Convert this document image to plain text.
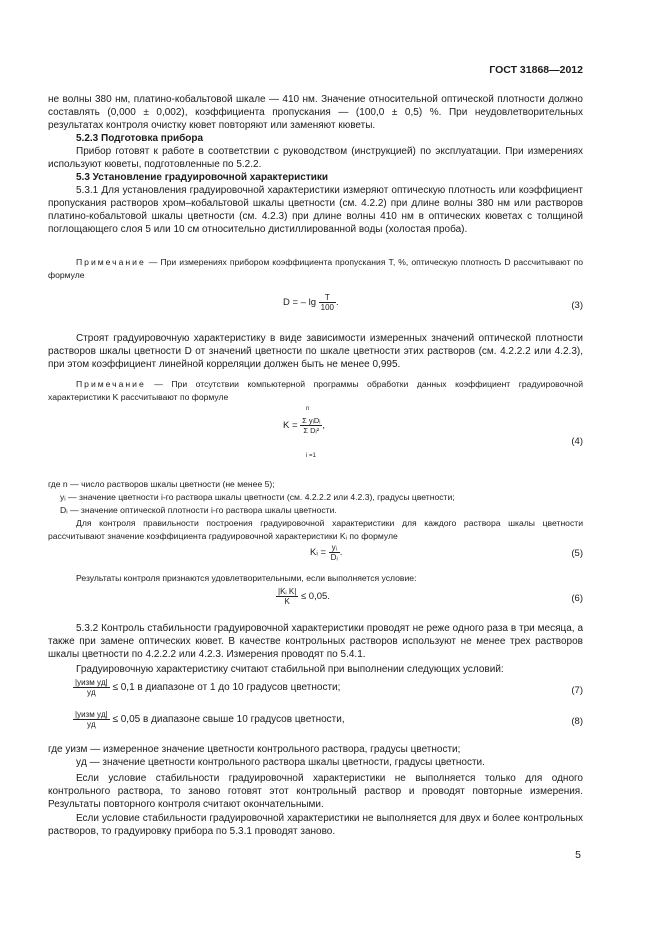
ГОСТ 31868—2012

не волны 380 нм, платино-кобальтовой шкале — 410 нм. Значение относительной оптической плотности должно составлять (0,000 ± 0,002), коэффициента пропускания — (100,0 ± 0,5) %. При неудовлетворительных результатах контроля очистку кювет повторяют или заменяют кюветы.

5.2.3 Подготовка прибора

Прибор готовят к работе в соответствии с руководством (инструкцией) по эксплуатации. При измерениях используют кюветы, подготовленные по 5.2.2.

5.3 Установление градуировочной характеристики

5.3.1 Для установления градуировочной характеристики измеряют оптическую плотность или коэффициент пропускания растворов хром–кобальтовой шкалы цветности (см. 4.2.2) при длине волны 380 нм или растворов платино-кобальтовой шкалы цветности (см. 4.2.3) при длине волны 410 нм в оптических кюветах с толщиной поглощающего слоя 5 или 10 см относительно дистиллированной воды (холостая проба).

Примечание — При измерениях прибором коэффициента пропускания T, %, оптическую плотность D рассчитывают по формуле

D = – $\lg \frac{T}{100}$ .	(3)

Строят градуировочную характеристику в виде зависимости измеренных значений оптической плотности растворов шкалы цветности D от значений цветности по шкале цветности этих растворов (см. 4.2.2.2 или 4.2.3), при этом коэффициент линейной корреляции должен быть не менее 0,995.

Примечание — При отсутствии компьютерной программы обработки данных коэффициент градуировочной характеристики K рассчитывают по формуле

$K = \frac{\text{Σ yᵢDᵢ}}{\text{Σ Dᵢ²}}$ ,
n
i =1
(4)

где n — число растворов шкалы цветности (не менее 5);

yᵢ — значение цветности i-го раствора шкалы цветности (см. 4.2.2.2 или 4.2.3), градусы цветности;

Dᵢ — значение оптической плотности i-го раствора шкалы цветности.

Для контроля правильности построения градуировочной характеристики для каждого раствора шкалы цветности рассчитывают значение коэффициента градуировочной характеристики Kᵢ по формуле

Kᵢ = $\frac{\text{yᵢ}}{\text{Dᵢ}}$ .	(5)

Результаты контроля признаются удовлетворительными, если выполняется условие:

$\frac{\text{|Kᵢ K|}}{K} \le 0,05$.	(6)

5.3.2 Контроль стабильности градуировочной характеристики проводят не реже одного раза в три месяца, а также при замене оптических кювет. В качестве контрольных растворов используют не менее трех растворов шкалы цветности по 4.2.2.2 или 4.2.3. Измерения проводят по 5.4.1.

Градуировочную характеристику считают стабильной при выполнении следующих условий:

$\frac{\text{|yизм yд|}}{yд} \le 0,1$ в диапазоне от 1 до 10 градусов цветности;	(7)
$\frac{\text{|yизм yд|}}{yд} \le 0,05$ в диапазоне свыше 10 градусов цветности,	(8)

где yизм — измеренное значение цветности контрольного раствора, градусы цветности;

yд — значение цветности контрольного раствора шкалы цветности, градусы цветности.

Если условие стабильности градуировочной характеристики не выполняется только для одного контрольного раствора, то заново готовят этот контрольный раствор и проводят повторные измерения. Результаты повторного контроля считают окончательными.

Если условие стабильности градуировочной характеристики не выполняется для двух и более контрольных растворов, то градуировку прибора по 5.3.1 проводят заново.

5
